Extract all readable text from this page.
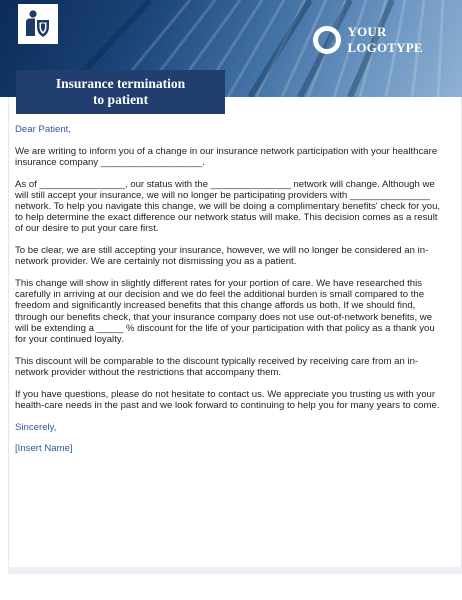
YOUR LOGOTYPE
Insurance termination
to patient

Dear Patient,

We are writing to inform you of a change in our insurance network participation with your healthcare insurance company ___________________.

As of ________________, our status with the _______________ network will change. Although we will still accept your insurance, we will no longer be participating providers with _______________ network. To help you navigate this change, we will be doing a complimentary benefits' check for you, to help determine the exact difference our network status will make. This decision comes as a result of our desire to put your care first.

To be clear, we are still accepting your insurance, however, we will no longer be considered an in-network provider. We are certainly not dismissing you as a patient.

This change will show in slightly different rates for your portion of care. We have researched this carefully in arriving at our decision and we do feel the additional burden is small compared to the freedom and significantly increased benefits that this change affords us both. If we should find, through our benefits check, that your insurance company does not use out-of-network benefits, we will be extending a _____ % discount for the life of your participation with that policy as a thank you for your continued loyalty.

This discount will be comparable to the discount typically received by receiving care from an in-network provider without the restrictions that accompany them.

If you have questions, please do not hesitate to contact us. We appreciate you trusting us with your health-care needs in the past and we look forward to continuing to help you for many years to come.

Sincerely,

[Insert Name]
